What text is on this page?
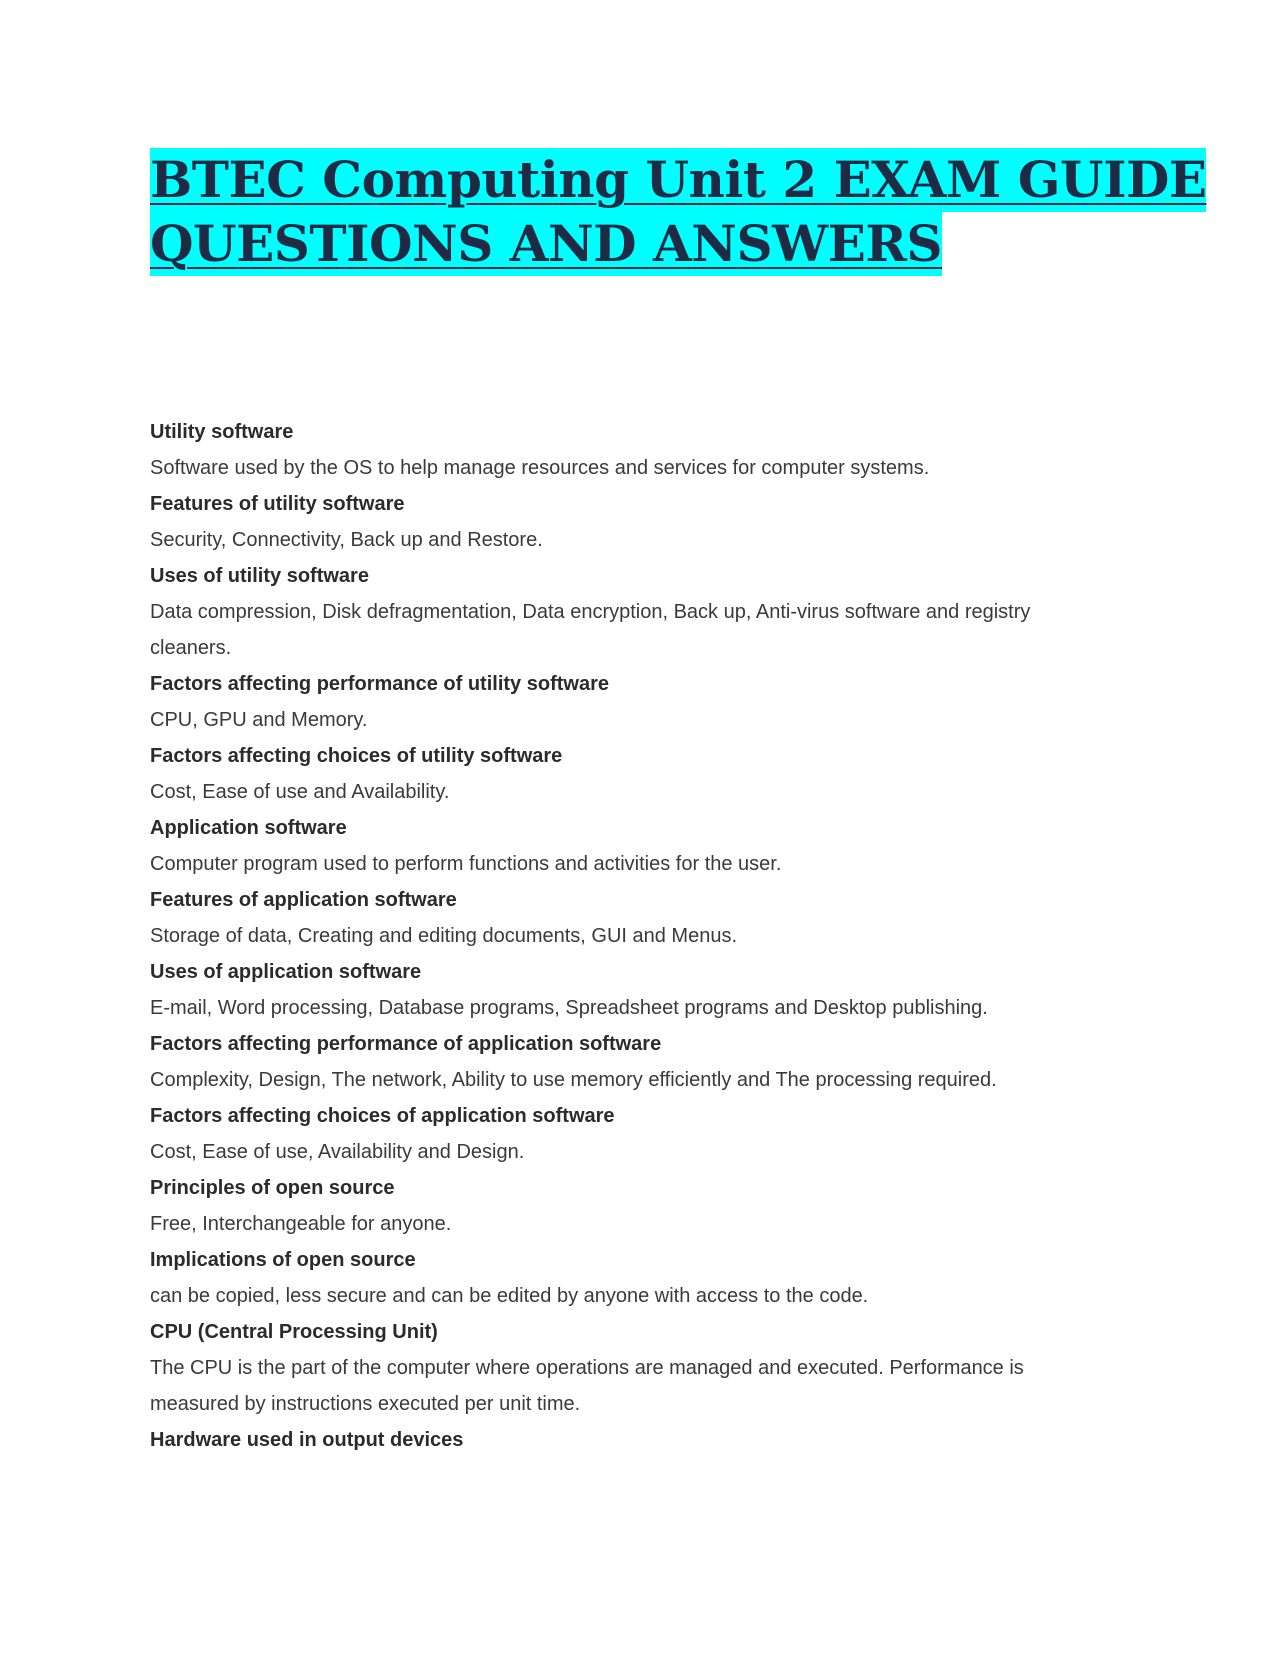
BTEC Computing Unit 2 EXAM GUIDE
QUESTIONS AND ANSWERS

Utility software

Software used by the OS to help manage resources and services for computer systems.

Features of utility software

Security, Connectivity, Back up and Restore.

Uses of utility software

Data compression, Disk defragmentation, Data encryption, Back up, Anti-virus software and registry cleaners.

Factors affecting performance of utility software

CPU, GPU and Memory.

Factors affecting choices of utility software

Cost, Ease of use and Availability.

Application software

Computer program used to perform functions and activities for the user.

Features of application software

Storage of data, Creating and editing documents, GUI and Menus.

Uses of application software

E-mail, Word processing, Database programs, Spreadsheet programs and Desktop publishing.

Factors affecting performance of application software

Complexity, Design, The network, Ability to use memory efficiently and The processing required.

Factors affecting choices of application software

Cost, Ease of use, Availability and Design.

Principles of open source

Free, Interchangeable for anyone.

Implications of open source

can be copied, less secure and can be edited by anyone with access to the code.

CPU (Central Processing Unit)

The CPU is the part of the computer where operations are managed and executed. Performance is measured by instructions executed per unit time.

Hardware used in output devices
